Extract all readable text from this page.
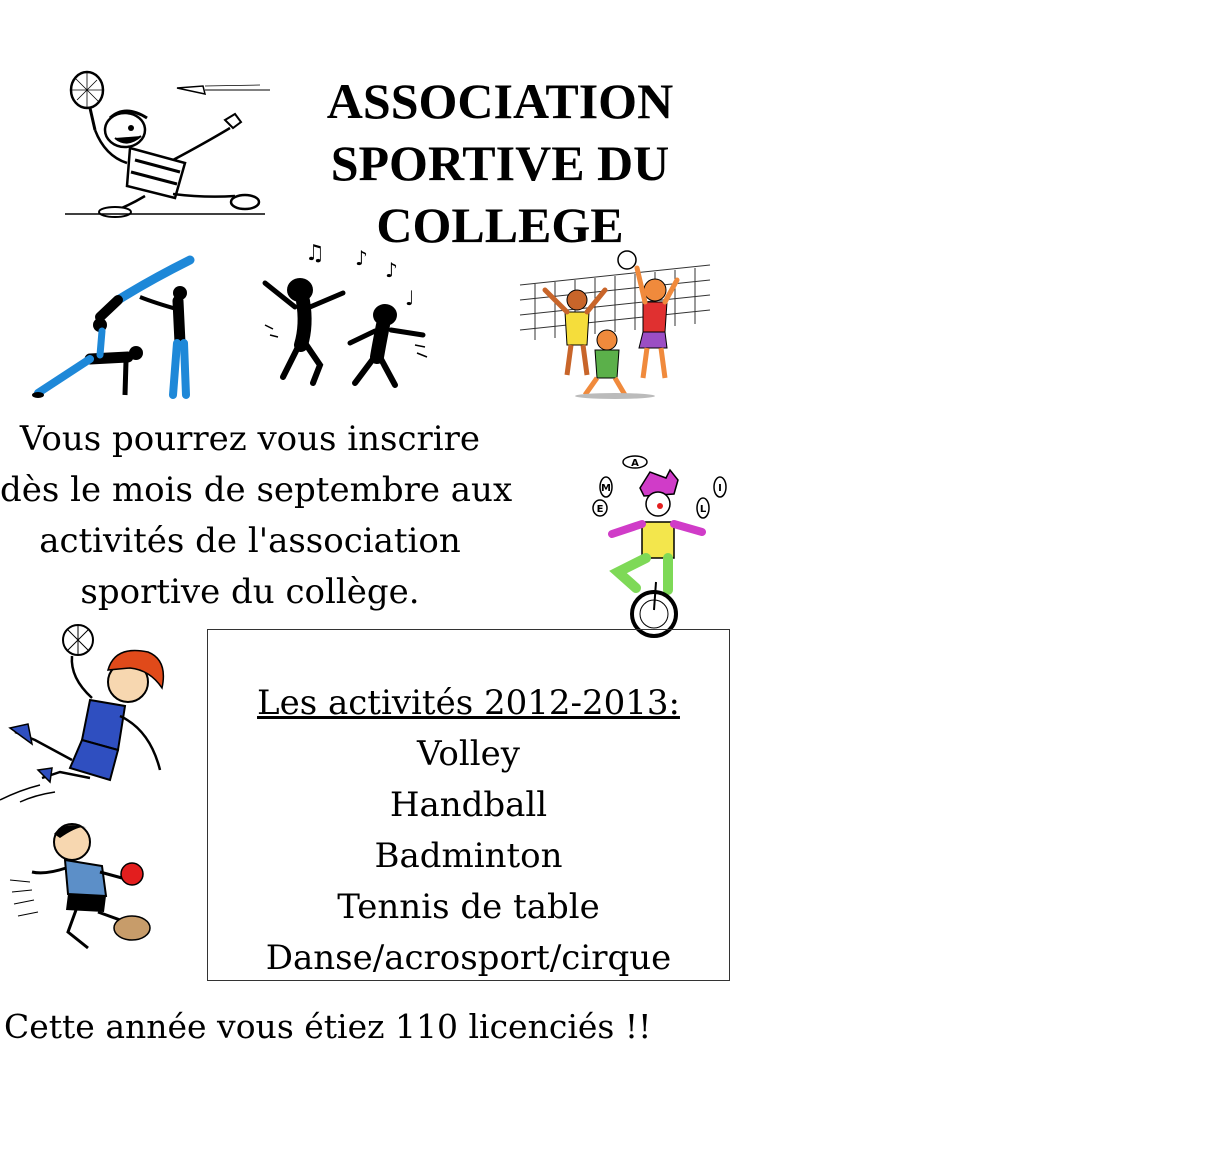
ASSOCIATION
SPORTIVE DU
COLLEGE
♫ ♪ ♪
♩
Vous pourrez vous inscrire
dès le mois de septembre aux
activités de l'association
sportive du collège.
A
M
E	L
I
Les activités 2012-2013:
Volley
Handball
Badminton
Tennis de table
Danse/acrosport/cirque
Cette année vous étiez 110 licenciés !!
